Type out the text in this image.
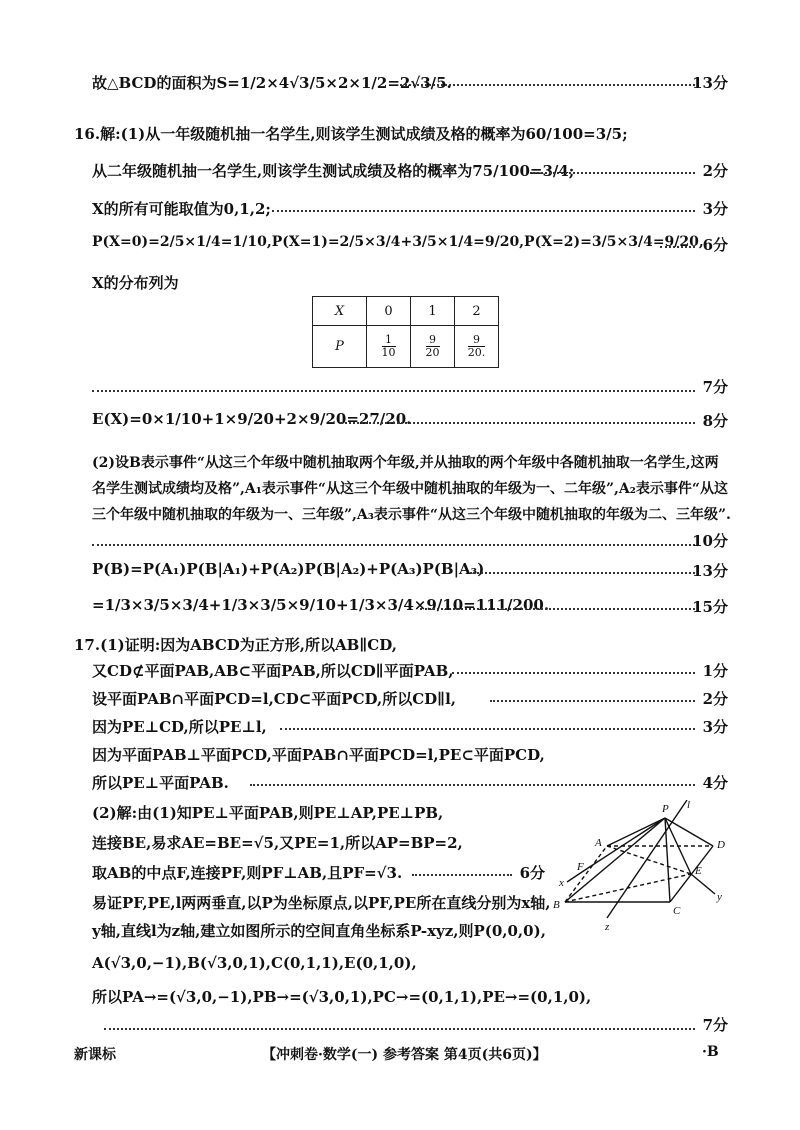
故△BCD的面积为S=1/2×4√3/5×2×1/2=2√3/5.	13分
16.解:(1)从一年级随机抽一名学生,则该学生测试成绩及格的概率为60/100=3/5;
从二年级随机抽一名学生,则该学生测试成绩及格的概率为75/100=3/4;	2分
X的所有可能取值为0,1,2;	3分
P(X=0)=2/5×1/4=1/10,P(X=1)=2/5×3/4+3/5×1/4=9/20,P(X=2)=3/5×3/4=9/20,
6分
X的分布列为
X	0	1	2
P	$\frac{1}{10}$	$\frac{9}{20}$	$\frac{9}{20.}$
7分
E(X)=0×1/10+1×9/20+2×9/20=27/20.	8分
(2)设B表示事件“从这三个年级中随机抽取两个年级,并从抽取的两个年级中各随机抽取一名学生,这两
名学生测试成绩均及格”,A₁表示事件“从这三个年级中随机抽取的年级为一、二年级”,A₂表示事件“从这
三个年级中随机抽取的年级为一、三年级”,A₃表示事件“从这三个年级中随机抽取的年级为二、三年级”.
10分
P(B)=P(A₁)P(B|A₁)+P(A₂)P(B|A₂)+P(A₃)P(B|A₃)	13分
=1/3×3/5×3/4+1/3×3/5×9/10+1/3×3/4×9/10=111/200.	15分
17.(1)证明:因为ABCD为正方形,所以AB∥CD,
又CD⊄平面PAB,AB⊂平面PAB,所以CD∥平面PAB,	1分
设平面PAB∩平面PCD=l,CD⊂平面PCD,所以CD∥l,	2分
因为PE⊥CD,所以PE⊥l,	3分
因为平面PAB⊥平面PCD,平面PAB∩平面PCD=l,PE⊂平面PCD,
所以PE⊥平面PAB.	4分
(2)解:由(1)知PE⊥平面PAB,则PE⊥AP,PE⊥PB,
连接BE,易求AE=BE=√5,又PE=1,所以AP=BP=2,
取AB的中点F,连接PF,则PF⊥AB,且PF=√3.	6分
易证PF,PE,l两两垂直,以P为坐标原点,以PF,PE所在直线分别为x轴,
y轴,直线l为z轴,建立如图所示的空间直角坐标系P-xyz,则P(0,0,0),
A(√3,0,−1),B(√3,0,1),C(0,1,1),E(0,1,0),
所以PA→=(√3,0,−1),PB→=(√3,0,1),PC→=(0,1,1),PE→=(0,1,0),
7分
P l
A
B	C
D
E
F
x
y
z
新课标	【冲刺卷·数学(一) 参考答案 第4页(共6页)】	·B
